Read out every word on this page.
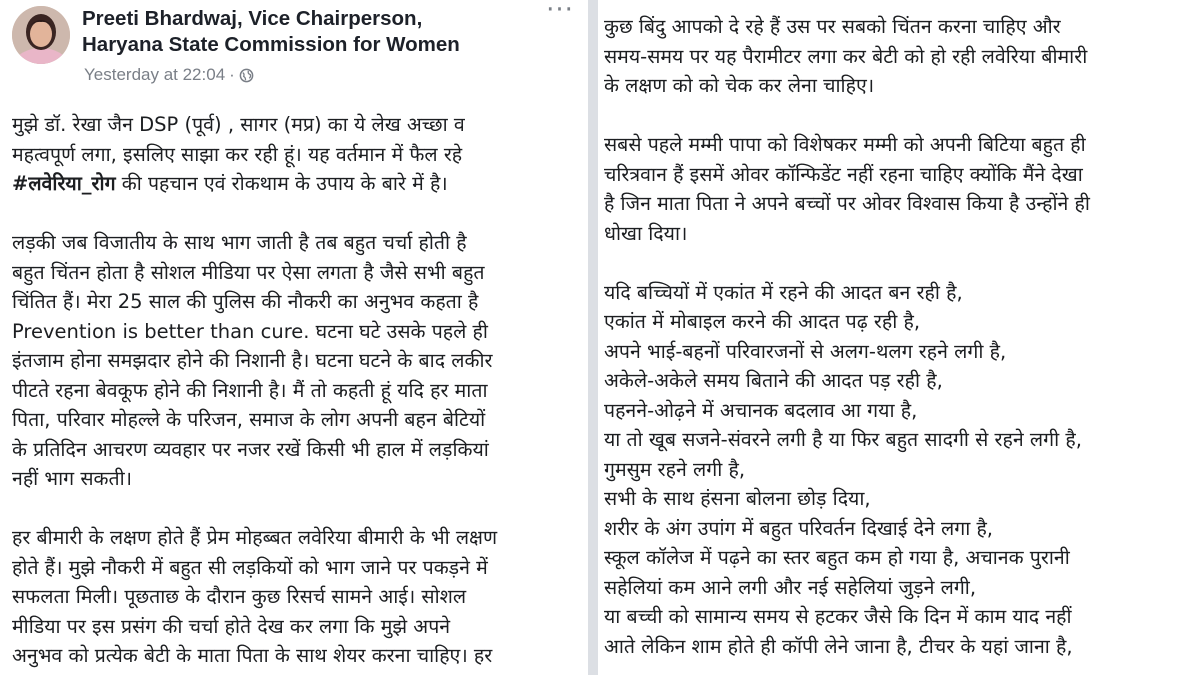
Preeti Bhardwaj, Vice Chairperson,
Haryana State Commission for Women
Yesterday at 22:04 ·
···
मुझे डॉ. रेखा जैन DSP (पूर्व) , सागर (मप्र) का ये लेख अच्छा व
महत्वपूर्ण लगा, इसलिए साझा कर रही हूं। यह वर्तमान में फैल रहे
#लवेरिया_रोग की पहचान एवं रोकथाम के उपाय के बारे में है।
लड़की जब विजातीय के साथ भाग जाती है तब बहुत चर्चा होती है
बहुत चिंतन होता है सोशल मीडिया पर ऐसा लगता है जैसे सभी बहुत
चिंतित हैं। मेरा 25 साल की पुलिस की नौकरी का अनुभव कहता है
Prevention is better than cure. घटना घटे उसके पहले ही
इंतजाम होना समझदार होने की निशानी है। घटना घटने के बाद लकीर
पीटते रहना बेवकूफ होने की निशानी है। मैं तो कहती हूं यदि हर माता
पिता, परिवार मोहल्ले के परिजन, समाज के लोग अपनी बहन बेटियों
के प्रतिदिन आचरण व्यवहार पर नजर रखें किसी भी हाल में लड़कियां
नहीं भाग सकती।
हर बीमारी के लक्षण होते हैं प्रेम मोहब्बत लवेरिया बीमारी के भी लक्षण
होते हैं। मुझे नौकरी में बहुत सी लड़कियों को भाग जाने पर पकड़ने में
सफलता मिली। पूछताछ के दौरान कुछ रिसर्च सामने आई। सोशल
मीडिया पर इस प्रसंग की चर्चा होते देख कर लगा कि मुझे अपने
अनुभव को प्रत्येक बेटी के माता पिता के साथ शेयर करना चाहिए। हर
कुछ बिंदु आपको दे रहे हैं उस पर सबको चिंतन करना चाहिए और
समय-समय पर यह पैरामीटर लगा कर बेटी को हो रही लवेरिया बीमारी
के लक्षण को को चेक कर लेना चाहिए।
सबसे पहले मम्मी पापा को विशेषकर मम्मी को अपनी बिटिया बहुत ही
चरित्रवान हैं इसमें ओवर कॉन्फिडेंट नहीं रहना चाहिए क्योंकि मैंने देखा
है जिन माता पिता ने अपने बच्चों पर ओवर विश्वास किया है उन्होंने ही
धोखा दिया।
यदि बच्चियों में एकांत में रहने की आदत बन रही है,
एकांत में मोबाइल करने की आदत पढ़ रही है,
अपने भाई-बहनों परिवारजनों से अलग-थलग रहने लगी है,
अकेले-अकेले समय बिताने की आदत पड़ रही है,
पहनने-ओढ़ने में अचानक बदलाव आ गया है,
या तो खूब सजने-संवरने लगी है या फिर बहुत सादगी से रहने लगी है,
गुमसुम रहने लगी है,
सभी के साथ हंसना बोलना छोड़ दिया,
शरीर के अंग उपांग में बहुत परिवर्तन दिखाई देने लगा है,
स्कूल कॉलेज में पढ़ने का स्तर बहुत कम हो गया है, अचानक पुरानी
सहेलियां कम आने लगी और नई सहेलियां जुड़ने लगी,
या बच्ची को सामान्य समय से हटकर जैसे कि दिन में काम याद नहीं
आते लेकिन शाम होते ही कॉपी लेने जाना है, टीचर के यहां जाना है,
